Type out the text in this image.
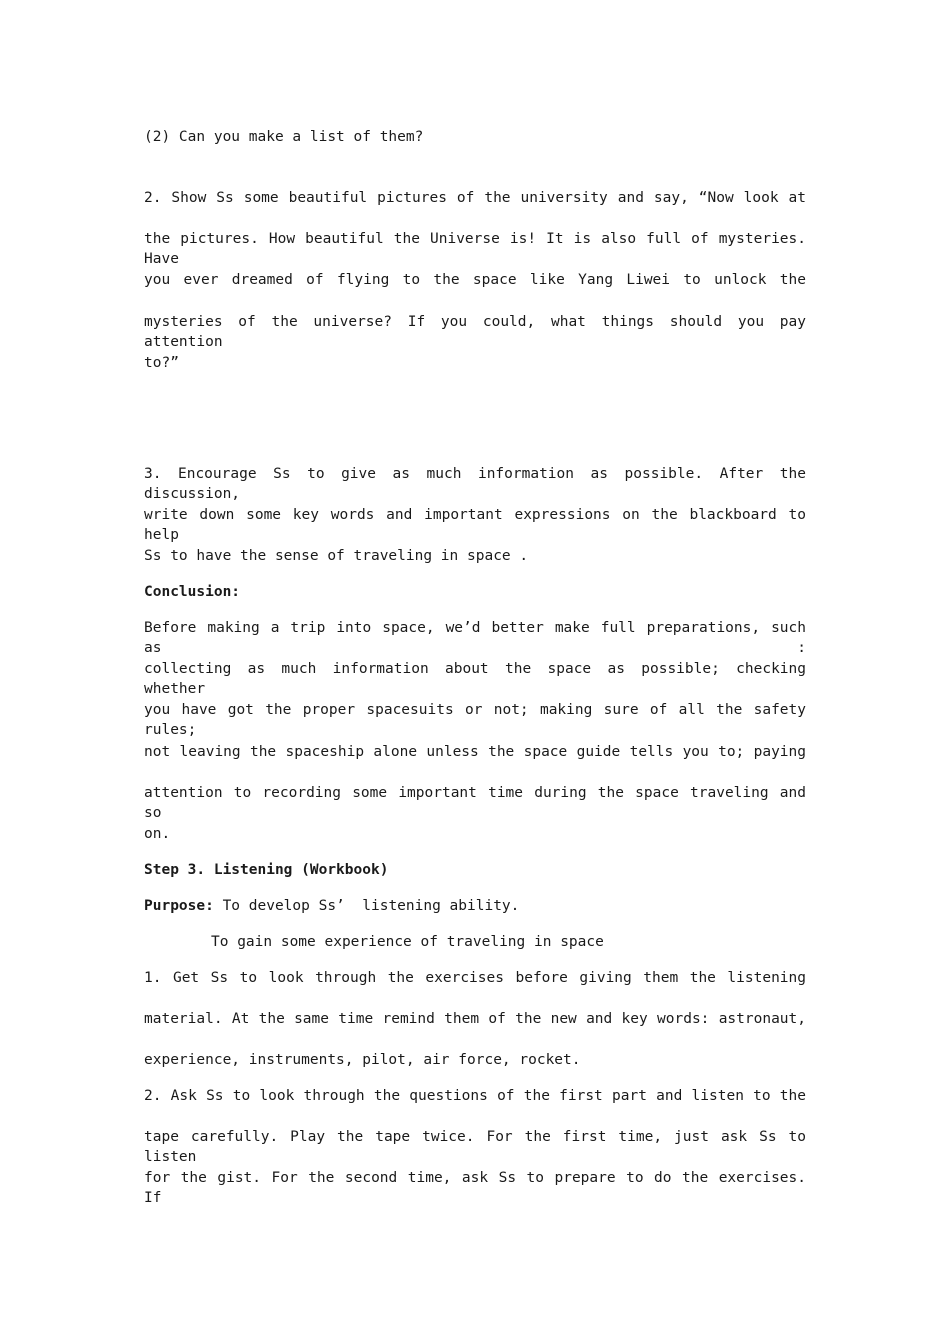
(2) Can you make a list of them?
2. Show Ss some beautiful pictures of the university and say, “Now look at
the pictures. How beautiful the Universe is! It is also full of mysteries. Have
you ever dreamed of flying to the space like Yang Liwei to unlock the
mysteries of the universe? If you could, what things should you pay attention
to?”
3. Encourage Ss to give as much information as possible. After the discussion,
write down some key words and important expressions on the blackboard to help
Ss to have the sense of traveling in space .
Conclusion:
Before making a trip into space, we’d better make full preparations, such as :
collecting as much information about the space as possible; checking whether
you have got the proper spacesuits or not; making sure of all the safety rules;
not leaving the spaceship alone unless the space guide tells you to; paying
attention to recording some important time during the space traveling and so
on.
Step 3. Listening (Workbook)
Purpose: To develop Ss’  listening ability.
To gain some experience of traveling in space
1. Get Ss to look through the exercises before giving them the listening
material. At the same time remind them of the new and key words: astronaut,
experience, instruments, pilot, air force, rocket.
2. Ask Ss to look through the questions of the first part and listen to the
tape carefully. Play the tape twice. For the first time, just ask Ss to listen
for the gist. For the second time, ask Ss to prepare to do the exercises. If
